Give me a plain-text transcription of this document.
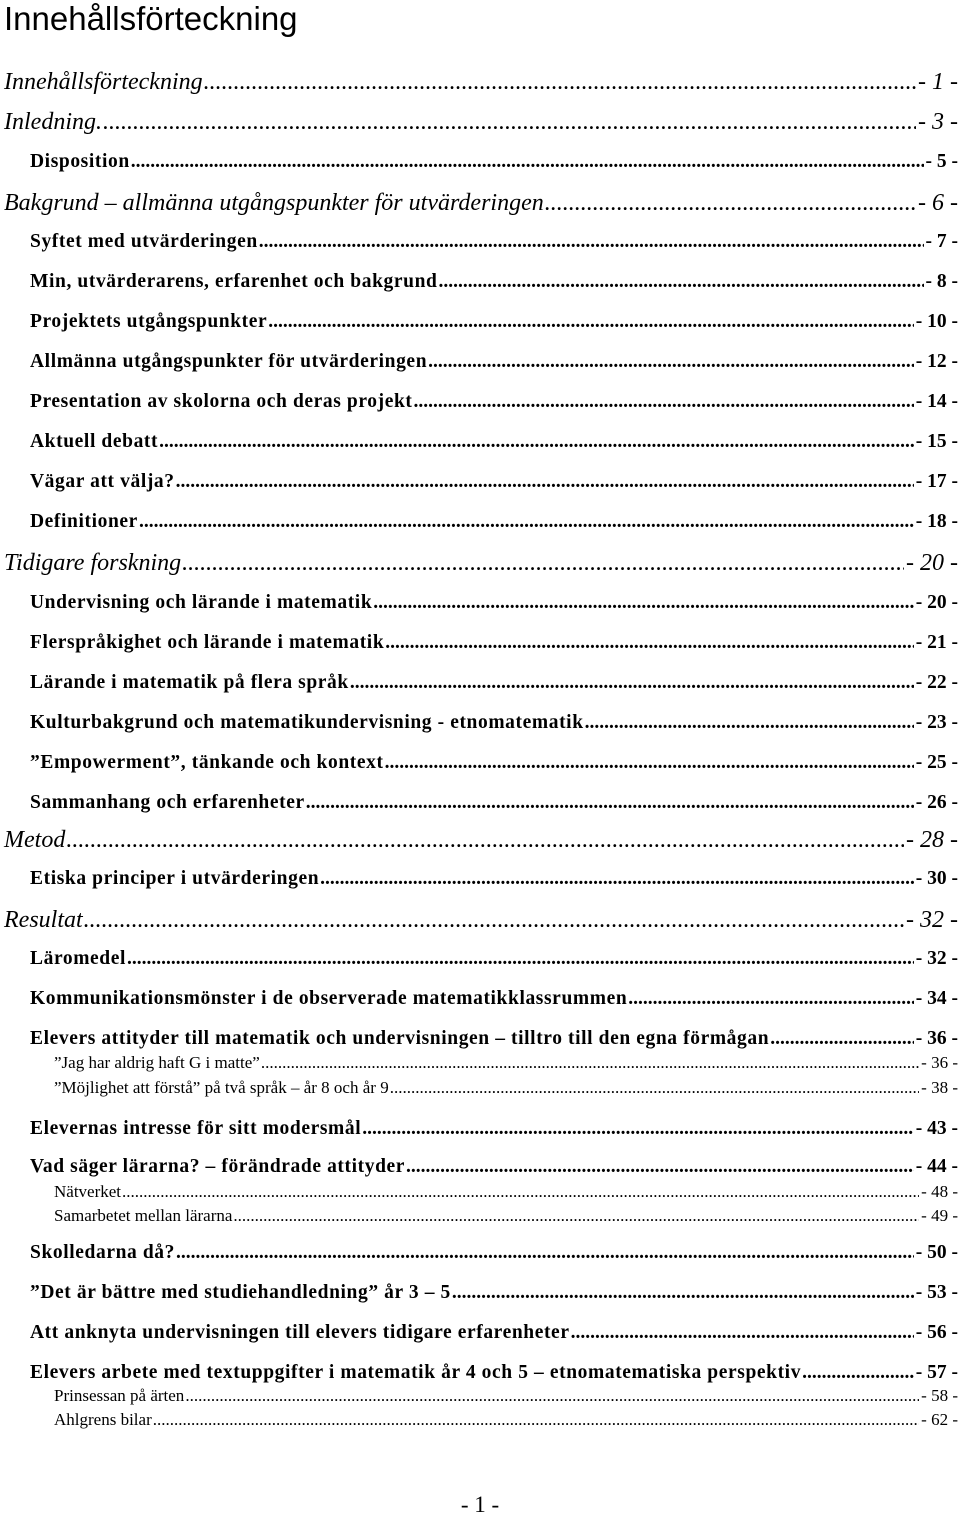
Innehållsförteckning
Innehållsförteckning .....	- 1 -
Inledning. .....	- 3 -
Disposition .....	- 5 -
Bakgrund – allmänna utgångspunkter för utvärderingen .....	- 6 -
Syftet med utvärderingen .....	- 7 -
Min, utvärderarens, erfarenhet och bakgrund .....	- 8 -
Projektets utgångspunkter .....	- 10 -
Allmänna utgångspunkter för utvärderingen .....	- 12 -
Presentation av skolorna och deras projekt .....	- 14 -
Aktuell debatt .....	- 15 -
Vägar att välja? .....	- 17 -
Definitioner .....	- 18 -
Tidigare forskning .....	- 20 -
Undervisning och lärande i matematik .....	- 20 -
Flerspråkighet och lärande i matematik .....	- 21 -
Lärande i matematik på flera språk .....	- 22 -
Kulturbakgrund och matematikundervisning - etnomatematik .....	- 23 -
”Empowerment”, tänkande och kontext .....	- 25 -
Sammanhang och erfarenheter .....	- 26 -
Metod .....	- 28 -
Etiska principer i utvärderingen .....	- 30 -
Resultat .....	- 32 -
Läromedel .....	- 32 -
Kommunikationsmönster i de observerade matematikklassrummen .....	- 34 -
Elevers attityder till matematik och undervisningen – tilltro till den egna förmågan .....	- 36 -
”Jag har aldrig haft G i matte” .....	- 36 -
”Möjlighet att förstå” på två språk – år 8 och år 9 .....	- 38 -
Elevernas intresse för sitt modersmål .....	- 43 -
Vad säger lärarna? – förändrade attityder .....	- 44 -
Nätverket .....	- 48 -
Samarbetet mellan lärarna .....	- 49 -
Skolledarna då? .....	- 50 -
”Det är bättre med studiehandledning” år 3 – 5 .....	- 53 -
Att anknyta undervisningen till elevers tidigare erfarenheter .....	- 56 -
Elevers arbete med textuppgifter i matematik år 4 och 5 – etnomatematiska perspektiv .....	- 57 -
Prinsessan på ärten .....	- 58 -
Ahlgrens bilar .....	- 62 -
- 1 -
